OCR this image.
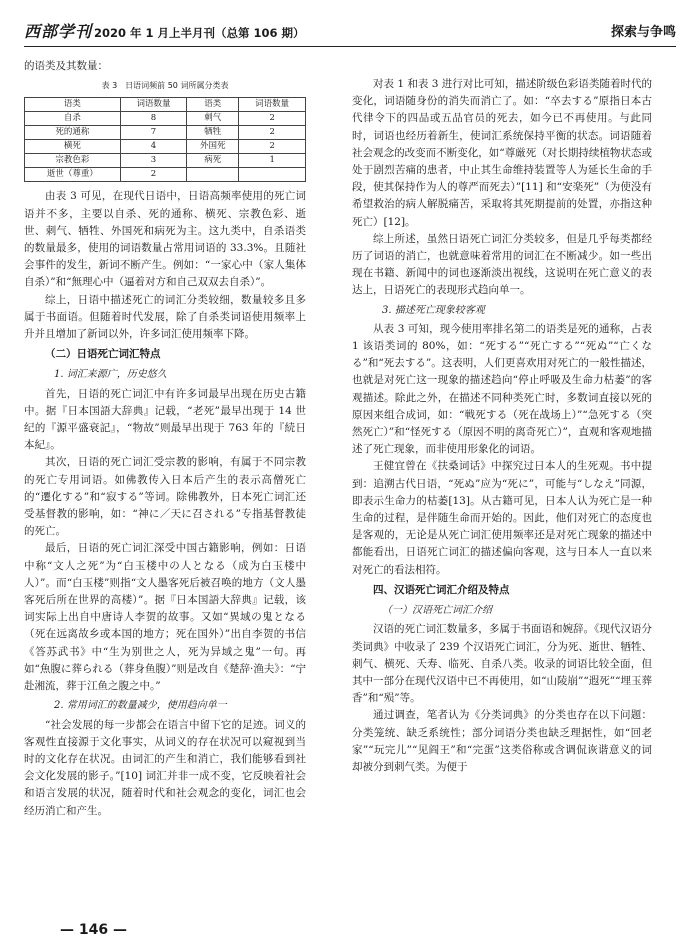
西部学刊 2020 年 1 月上半月刊（总第 106 期）	探索与争鸣

的语类及其数量：

表 3　日语词频前 50 词所属分类表
语类	词语数量	语类	词语数量
自杀	8	刺气	2
死的通称	7	牺牲	2
横死	4	外国死	2
宗教色彩	3	病死	1
逝世（尊重）	2		

由表 3 可见，在现代日语中，日语高频率使用的死亡词语并不多，主要以自杀、死的通称、横死、宗教色彩、逝世、刺气、牺牲、外国死和病死为主。这九类中，自杀语类的数量最多，使用的词语数量占常用词语的 33.3%。且随社会事件的发生，新词不断产生。例如：“一家心中（家人集体自杀）”和“無理心中（逼着对方和自己双双去自杀）”。

综上，日语中描述死亡的词汇分类较细，数量较多且多属于书面语。但随着时代发展，除了自杀类词语使用频率上升并且增加了新词以外，许多词汇使用频率下降。

（二）日语死亡词汇特点
1. 词汇来源广，历史悠久

首先，日语的死亡词汇中有许多词最早出现在历史古籍中。据『日本国語大辞典』记载，“老死”最早出现于 14 世纪的『源平盛衰記』，“物故”则最早出现于 763 年的『続日本紀』。

其次，日语的死亡词汇受宗教的影响，有属于不同宗教的死亡专用词语。如佛教传入日本后产生的表示高僧死亡的“遷化する”和“寂する”等词。除佛教外，日本死亡词汇还受基督教的影响，如：“神に／天に召される”专指基督教徒的死亡。

最后，日语的死亡词汇深受中国古籍影响，例如：日语中称“文人之死”为“白玉楼中の人となる（成为白玉楼中人）”。而“白玉楼”则指“文人墨客死后被召唤的地方（文人墨客死后所在世界的高楼）”。据『日本国語大辞典』记载，该词实际上出自中唐诗人李贺的故事。又如“異域の鬼となる（死在远离故乡或本国的地方；死在国外）”出自李贺的书信《答苏武书》中“生为别世之人，死为异域之鬼”一句。再如“魚腹に葬られる（葬身鱼腹）”则是改自《楚辞·渔夫》：“宁赴湘流，葬于江鱼之腹之中。”

2. 常用词汇的数量减少，使用趋向单一

“社会发展的每一步都会在语言中留下它的足迹。词义的客观性直接源于文化事实，从词义的存在状况可以窥视到当时的文化存在状况。由词汇的产生和消亡，我们能够看到社会文化发展的影子。”[10] 词汇并非一成不变，它反映着社会和语言发展的状况，随着时代和社会观念的变化，词汇也会经历消亡和产生。

对表 1 和表 3 进行对比可知，描述阶级色彩语类随着时代的变化，词语随身份的消失而消亡了。如：“卒去する”原指日本古代律令下的四品或五品官员的死去，如今已不再使用。与此同时，词语也经历着新生，使词汇系统保持平衡的状态。词语随着社会观念的改变而不断变化，如“尊厳死（对长期持续植物状态或处于剧烈苦痛的患者，中止其生命维持装置等人为延长生命的手段，使其保持作为人的尊严而死去）”[11] 和“安楽死”（为使没有希望救治的病人解脱痛苦，采取将其死期提前的处置，亦指这种死亡）[12]。

综上所述，虽然日语死亡词汇分类较多，但是几乎每类都经历了词语的消亡，也就意味着常用的词汇在不断减少。如一些出现在书籍、新闻中的词也逐渐淡出视线，这说明在死亡意义的表达上，日语死亡的表现形式趋向单一。

3. 描述死亡现象较客观

从表 3 可知，现今使用率排名第二的语类是死的通称，占表 1 该语类词的 80%，如：“死する”“死亡する”“死ぬ”“亡くなる”和“死去する”。这表明，人们更喜欢用对死亡的一般性描述，也就是对死亡这一现象的描述趋向“停止呼吸及生命力枯萎”的客观描述。除此之外，在描述不同种类死亡时，多数词直接以死的原因来组合成词，如：“戦死する（死在战场上）”“急死する（突然死亡）”和“怪死する（原因不明的离奇死亡）”，直观和客观地描述了死亡现象，而非使用形象化的词语。

王健宜曾在《扶桑词话》中探究过日本人的生死观。书中提到：追溯古代日语，“死ぬ”应为“死に”，可能与“しなえ”同源，即表示生命力的枯萎[13]。从古籍可见，日本人认为死亡是一种生命的过程，是伴随生命而开始的。因此，他们对死亡的态度也是客观的，无论是从死亡词汇使用频率还是对死亡现象的描述中都能看出，日语死亡词汇的描述偏向客观，这与日本人一直以来对死亡的看法相符。

四、汉语死亡词汇介绍及特点
（一）汉语死亡词汇介绍

汉语的死亡词汇数量多，多属于书面语和婉辞。《现代汉语分类词典》中收录了 239 个汉语死亡词汇，分为死、逝世、牺牲、刺气、横死、夭寿、临死、自杀八类。收录的词语比较全面，但其中一部分在现代汉语中已不再使用，如“山陵崩”“遐死”“埋玉葬香”和“殒”等。

通过调查，笔者认为《分类词典》的分类也存在以下问题：分类笼统、缺乏系统性；部分词语分类也缺乏理据性，如“回老家”“玩完儿”“见阎王”和“完蛋”这类俗称或含调侃诙谐意义的词却被分到刺气类。为便于

— 146 —
